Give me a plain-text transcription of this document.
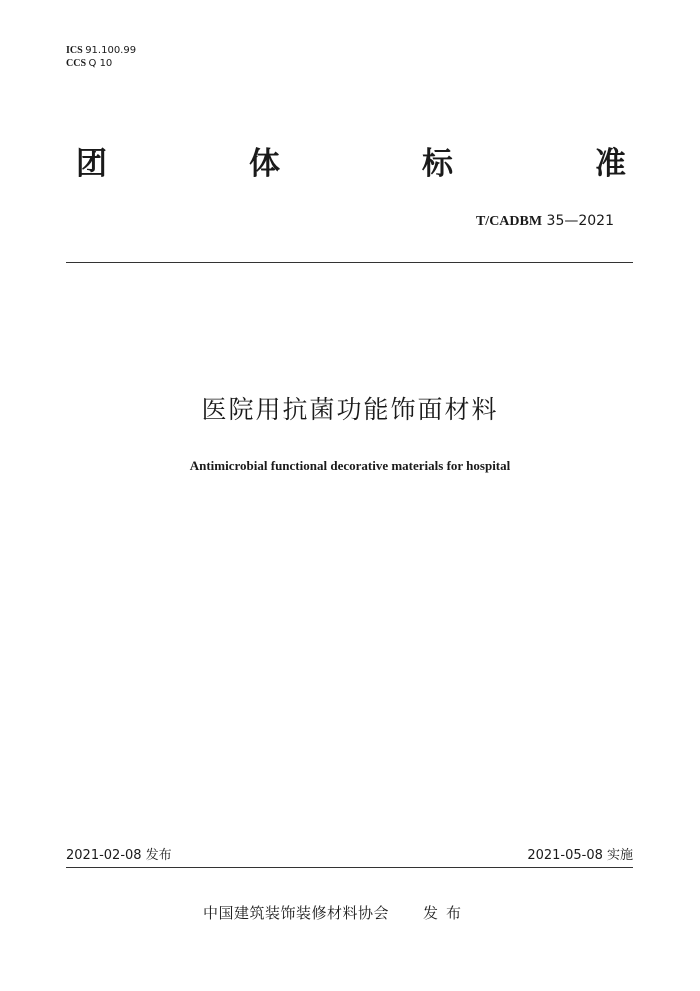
ICS 91.100.99
CCS Q 10
团	体	标	准
T/CADBM 35—2021
医院用抗菌功能饰面材料
Antimicrobial functional decorative materials for hospital
2021-02-08 发布	2021-05-08 实施
中国建筑装饰装修材料协会 发布
